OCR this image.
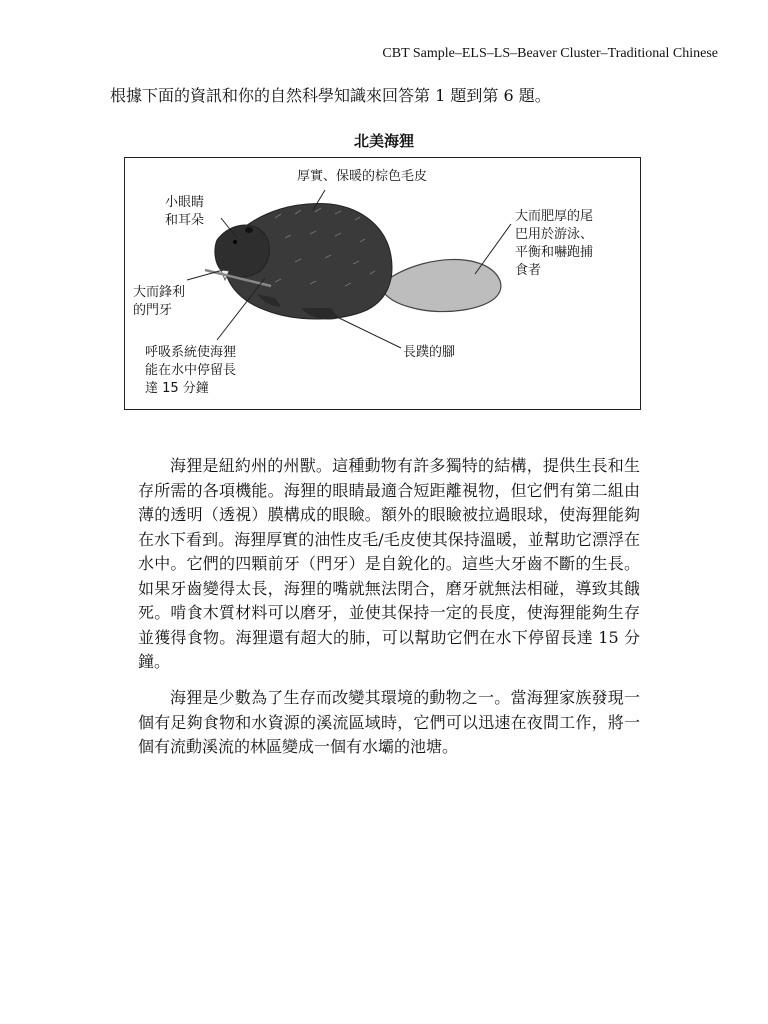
CBT Sample–ELS–LS–Beaver Cluster–Traditional Chinese
根據下面的資訊和你的自然科學知識來回答第 1 題到第 6 題。
北美海狸
厚實、保暖的棕色毛皮
小眼睛
和耳朵	大而肥厚的尾
巴用於游泳、
平衡和嚇跑捕
食者
大而鋒利
的門牙
呼吸系統使海狸
能在水中停留長
達 15 分鐘
長蹼的腳

海狸是紐約州的州獸。這種動物有許多獨特的結構，提供生長和生存所需的各項機能。海狸的眼睛最適合短距離視物，但它們有第二組由薄的透明（透視）膜構成的眼瞼。額外的眼瞼被拉過眼球，使海狸能夠在水下看到。海狸厚實的油性皮毛/毛皮使其保持溫暖，並幫助它漂浮在水中。它們的四顆前牙（門牙）是自銳化的。這些大牙齒不斷的生長。如果牙齒變得太長，海狸的嘴就無法閉合，磨牙就無法相碰，導致其餓死。啃食木質材料可以磨牙，並使其保持一定的長度，使海狸能夠生存並獲得食物。海狸還有超大的肺，可以幫助它們在水下停留長達 15 分鐘。

海狸是少數為了生存而改變其環境的動物之一。當海狸家族發現一個有足夠食物和水資源的溪流區域時，它們可以迅速在夜間工作，將一個有流動溪流的林區變成一個有水壩的池塘。
